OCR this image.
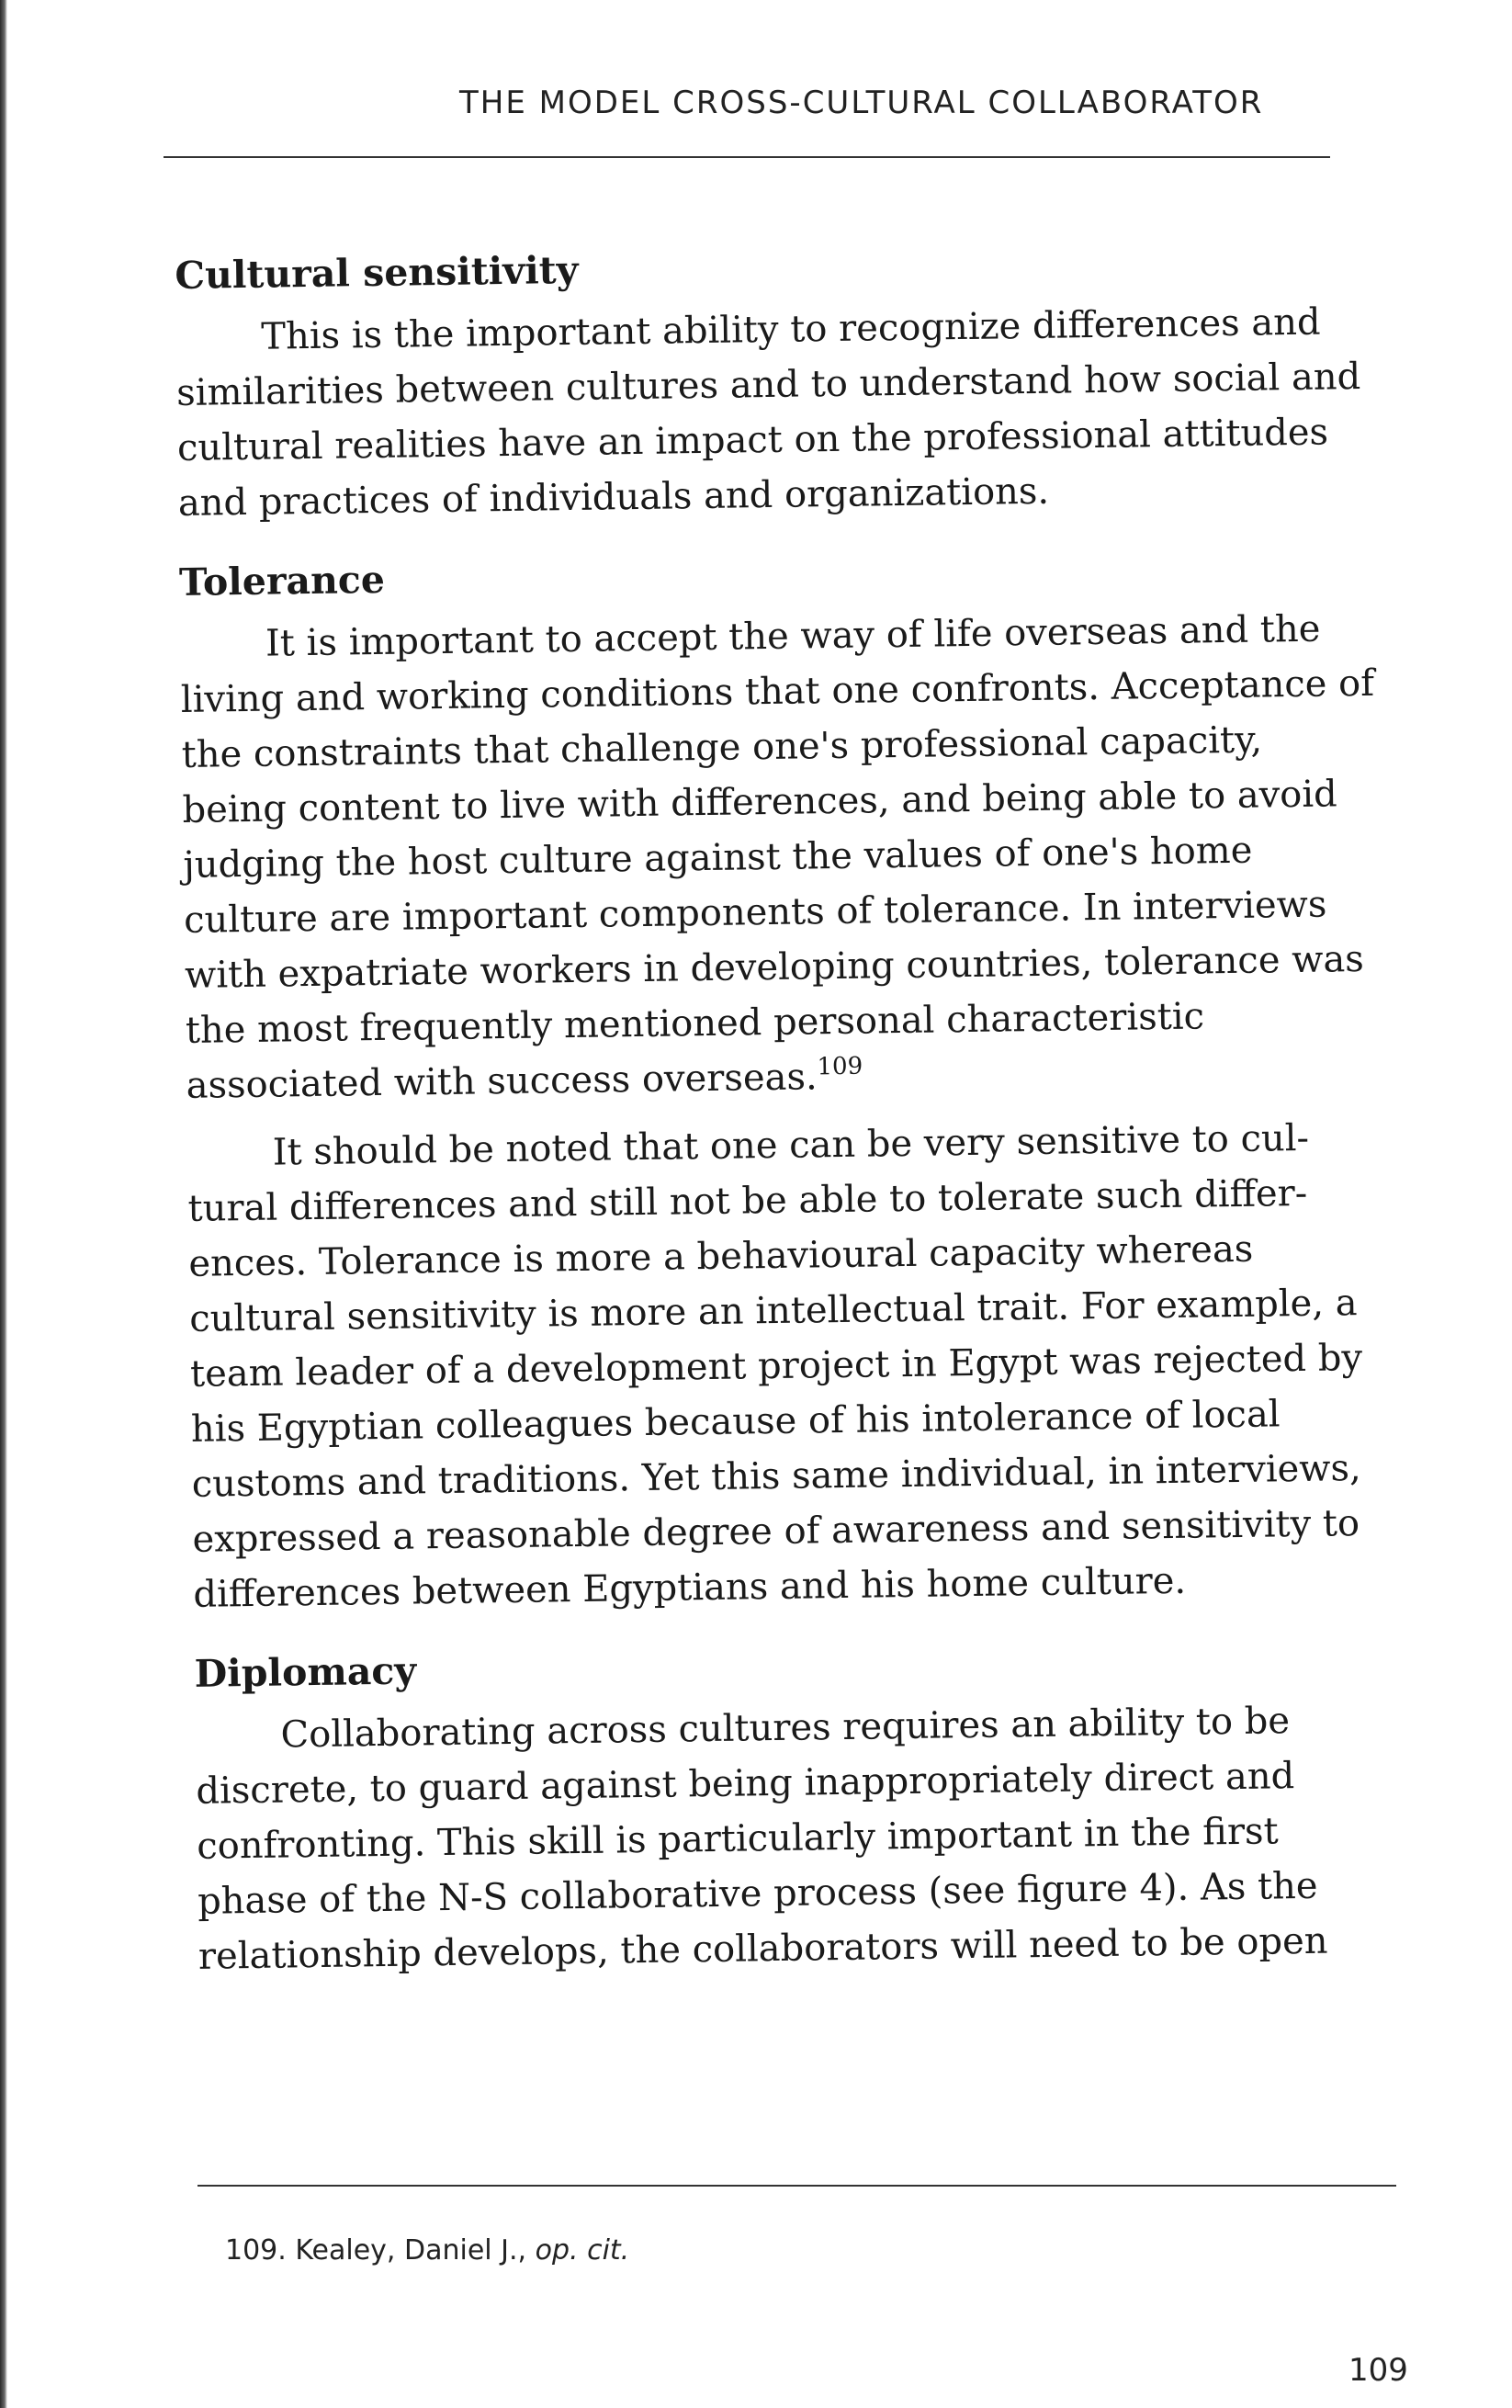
THE MODEL CROSS-CULTURAL COLLABORATOR
Cultural sensitivity

This is the important ability to recognize differences and similarities between cultures and to understand how social and cultural realities have an impact on the professional attitudes and practices of individuals and organizations.

Tolerance

It is important to accept the way of life overseas and the living and working conditions that one confronts. Acceptance of the constraints that challenge one's professional capacity, being content to live with differences, and being able to avoid judging the host culture against the values of one's home culture are important components of tolerance. In interviews with expatriate workers in developing countries, tolerance was the most frequently mentioned personal characteristic associated with success overseas.$^{109}$

It should be noted that one can be very sensitive to cultural differences and still not be able to tolerate such differences. Tolerance is more a behavioural capacity whereas cultural sensitivity is more an intellectual trait. For example, a team leader of a development project in Egypt was rejected by his Egyptian colleagues because of his intolerance of local customs and traditions. Yet this same individual, in interviews, expressed a reasonable degree of awareness and sensitivity to differences between Egyptians and his home culture.

Diplomacy

Collaborating across cultures requires an ability to be discrete, to guard against being inappropriately direct and confronting. This skill is particularly important in the first phase of the N-S collaborative process (see figure 4). As the relationship develops, the collaborators will need to be open

109. Kealey, Daniel J., op. cit.
109
